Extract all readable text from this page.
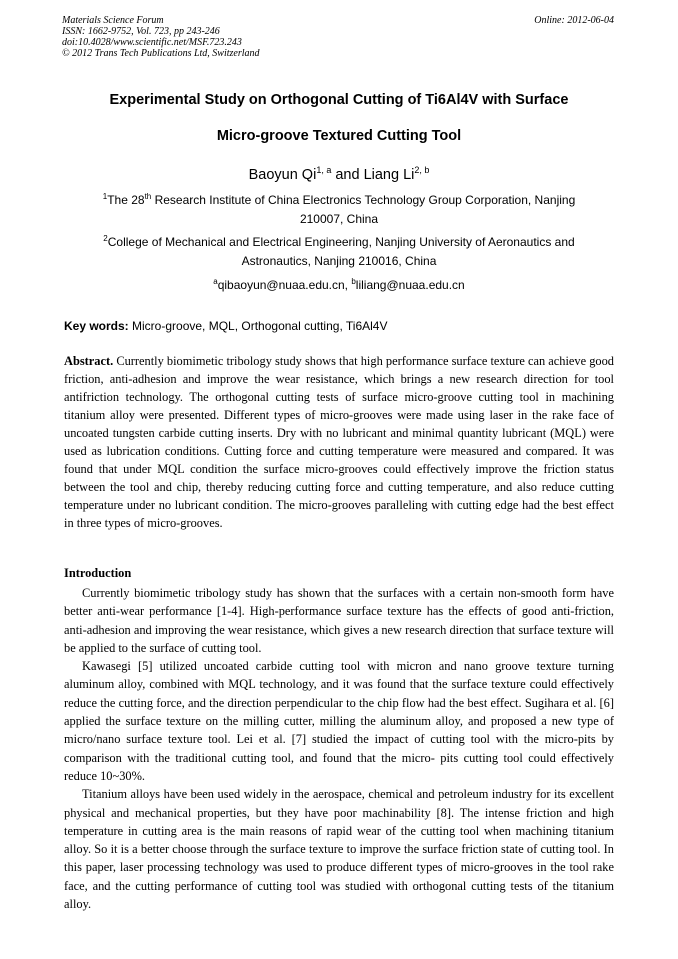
Materials Science Forum
ISSN: 1662-9752, Vol. 723, pp 243-246
doi:10.4028/www.scientific.net/MSF.723.243
© 2012 Trans Tech Publications Ltd, Switzerland
Online: 2012-06-04
Experimental Study on Orthogonal Cutting of Ti6Al4V with Surface
Micro-groove Textured Cutting Tool
Baoyun Qi$^{1, a}$ and Liang Li$^{2, b}$
$^1$The 28th Research Institute of China Electronics Technology Group Corporation, Nanjing 210007, China
$^2$College of Mechanical and Electrical Engineering, Nanjing University of Aeronautics and Astronautics, Nanjing 210016, China
$^a$qibaoyun@nuaa.edu.cn, $^b$liliang@nuaa.edu.cn
Key words: Micro-groove, MQL, Orthogonal cutting, Ti6Al4V
Abstract. Currently biomimetic tribology study shows that high performance surface texture can achieve good friction, anti-adhesion and improve the wear resistance, which brings a new research direction for tool antifriction technology. The orthogonal cutting tests of surface micro-groove cutting tool in machining titanium alloy were presented. Different types of micro-grooves were made using laser in the rake face of uncoated tungsten carbide cutting inserts. Dry with no lubricant and minimal quantity lubricant (MQL) were used as lubrication conditions. Cutting force and cutting temperature were measured and compared. It was found that under MQL condition the surface micro-grooves could effectively improve the friction status between the tool and chip, thereby reducing cutting force and cutting temperature, and also reduce cutting temperature under no lubricant condition. The micro-grooves paralleling with cutting edge had the best effect in three types of micro-grooves.
Introduction

Currently biomimetic tribology study has shown that the surfaces with a certain non-smooth form have better anti-wear performance [1-4]. High-performance surface texture has the effects of good anti-friction, anti-adhesion and improving the wear resistance, which gives a new research direction that surface texture will be applied to the surface of cutting tool.

Kawasegi [5] utilized uncoated carbide cutting tool with micron and nano groove texture turning aluminum alloy, combined with MQL technology, and it was found that the surface texture could effectively reduce the cutting force, and the direction perpendicular to the chip flow had the best effect. Sugihara et al. [6] applied the surface texture on the milling cutter, milling the aluminum alloy, and proposed a new type of micro/nano surface texture tool. Lei et al. [7] studied the impact of cutting tool with the micro-pits by comparison with the traditional cutting tool, and found that the micro- pits cutting tool could effectively reduce 10~30%.

Titanium alloys have been used widely in the aerospace, chemical and petroleum industry for its excellent physical and mechanical properties, but they have poor machinability [8]. The intense friction and high temperature in cutting area is the main reasons of rapid wear of the cutting tool when machining titanium alloy. So it is a better choose through the surface texture to improve the surface friction state of cutting tool. In this paper, laser processing technology was used to produce different types of micro-grooves in the tool rake face, and the cutting performance of cutting tool was studied with orthogonal cutting tests of the titanium alloy.
